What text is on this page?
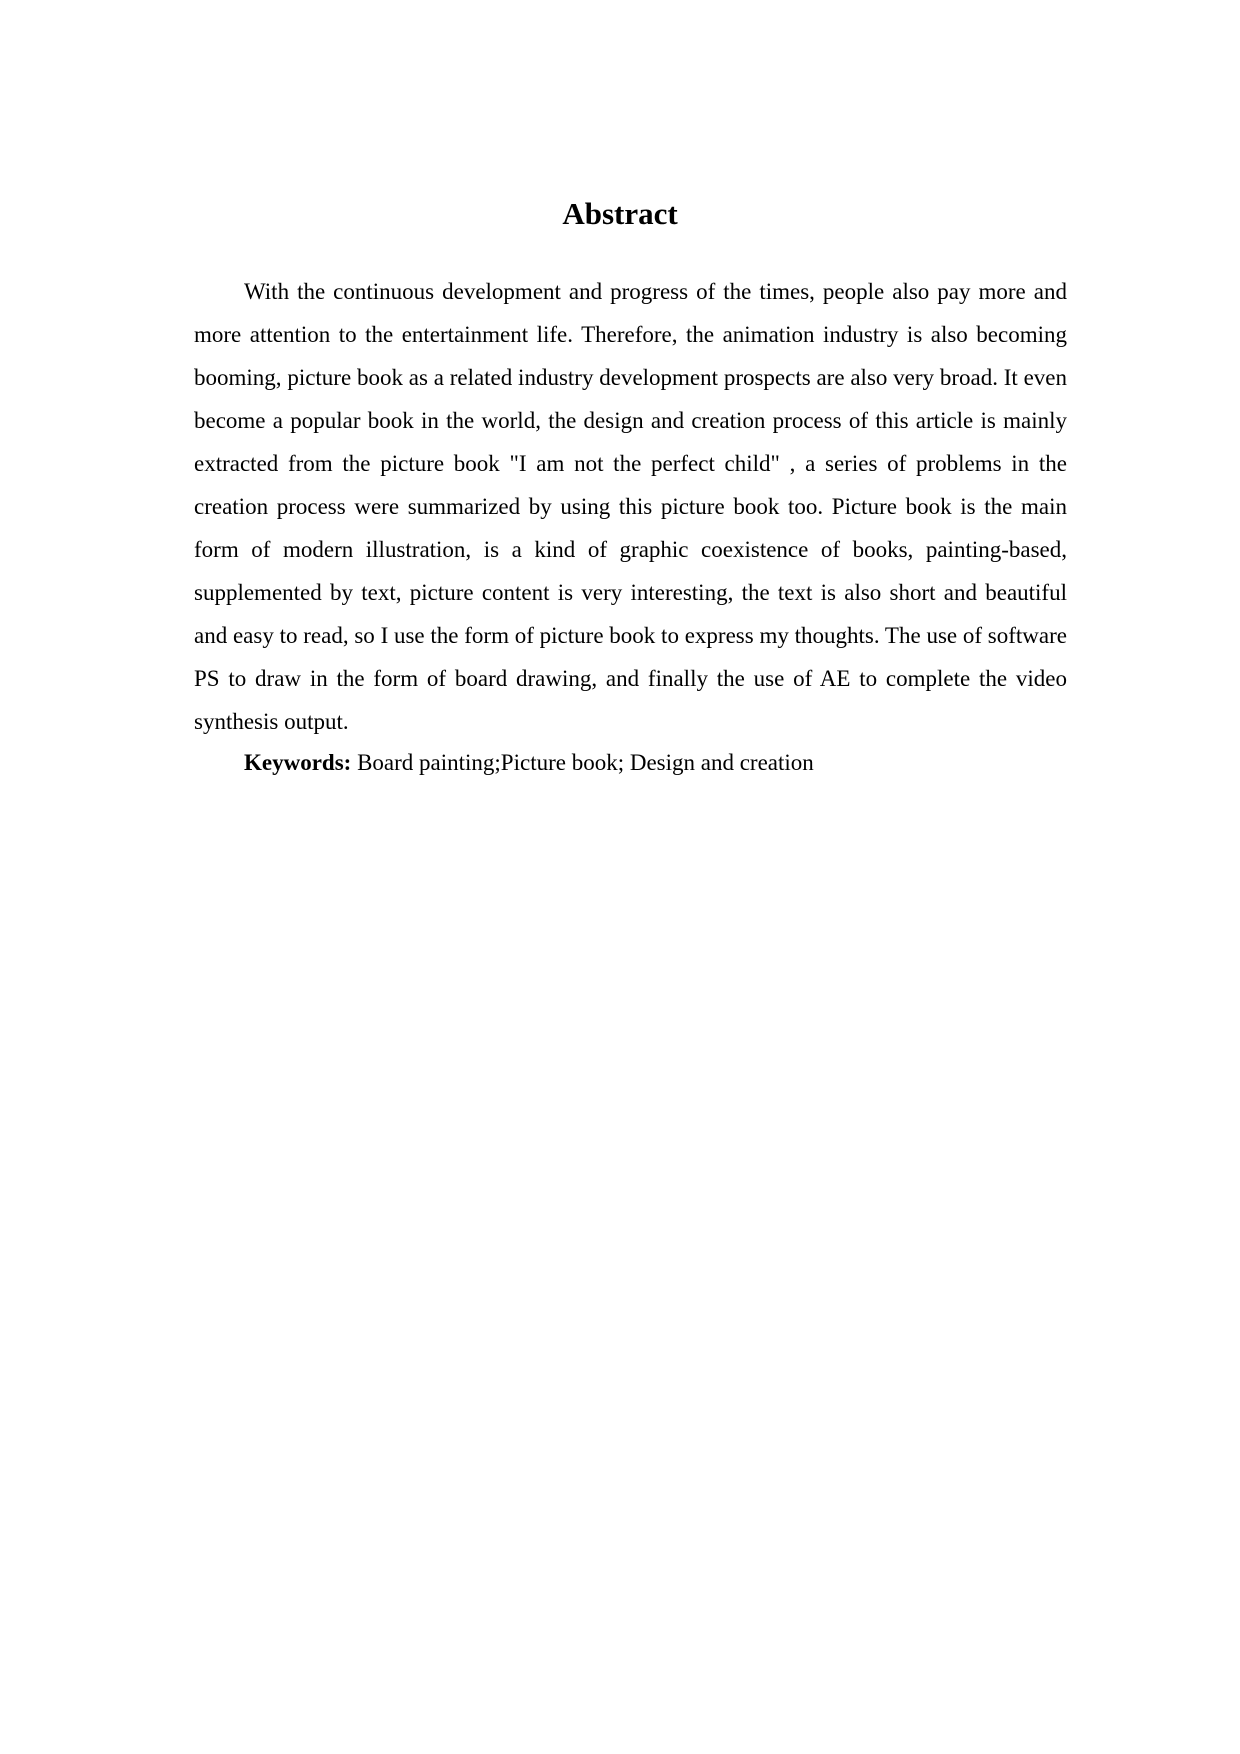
Abstract

With the continuous development and progress of the times, people also pay more and more attention to the entertainment life. Therefore, the animation industry is also becoming booming, picture book as a related industry development prospects are also very broad. It even become a popular book in the world, the design and creation process of this article is mainly extracted from the picture book "I am not the perfect child" , a series of problems in the creation process were summarized by using this picture book too. Picture book is the main form of modern illustration, is a kind of graphic coexistence of books, painting-based, supplemented by text, picture content is very interesting, the text is also short and beautiful and easy to read, so I use the form of picture book to express my thoughts. The use of software PS to draw in the form of board drawing, and finally the use of AE to complete the video synthesis output.

Keywords: Board painting;Picture book; Design and creation
